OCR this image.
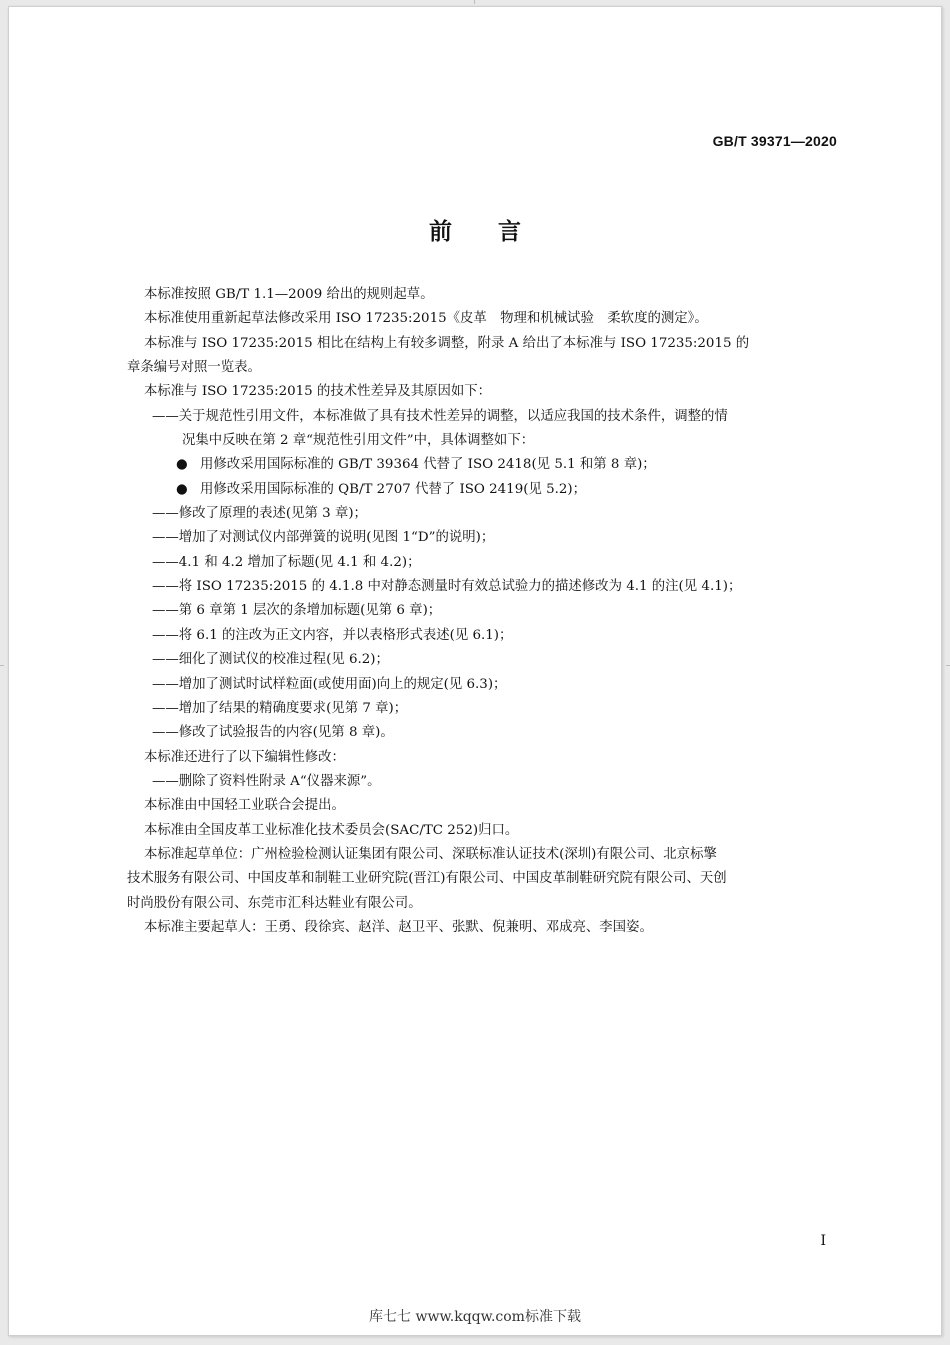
GB/T 39371—2020
前言

本标准按照 GB/T 1.1—2009 给出的规则起草。

本标准使用重新起草法修改采用 ISO 17235:2015《皮革　物理和机械试验　柔软度的测定》。

本标准与 ISO 17235:2015 相比在结构上有较多调整，附录 A 给出了本标准与 ISO 17235:2015 的

章条编号对照一览表。

本标准与 ISO 17235:2015 的技术性差异及其原因如下：

——关于规范性引用文件，本标准做了具有技术性差异的调整，以适应我国的技术条件，调整的情

况集中反映在第 2 章“规范性引用文件”中，具体调整如下：

● 用修改采用国际标准的 GB/T 39364 代替了 ISO 2418(见 5.1 和第 8 章)；
● 用修改采用国际标准的 QB/T 2707 代替了 ISO 2419(见 5.2)；

——修改了原理的表述(见第 3 章)；

——增加了对测试仪内部弹簧的说明(见图 1“D”的说明)；

——4.1 和 4.2 增加了标题(见 4.1 和 4.2)；

——将 ISO 17235:2015 的 4.1.8 中对静态测量时有效总试验力的描述修改为 4.1 的注(见 4.1)；

——第 6 章第 1 层次的条增加标题(见第 6 章)；

——将 6.1 的注改为正文内容，并以表格形式表述(见 6.1)；

——细化了测试仪的校准过程(见 6.2)；

——增加了测试时试样粒面(或使用面)向上的规定(见 6.3)；

——增加了结果的精确度要求(见第 7 章)；

——修改了试验报告的内容(见第 8 章)。

本标准还进行了以下编辑性修改：

——删除了资料性附录 A“仪器来源”。

本标准由中国轻工业联合会提出。

本标准由全国皮革工业标准化技术委员会(SAC/TC 252)归口。

本标准起草单位：广州检验检测认证集团有限公司、深联标准认证技术(深圳)有限公司、北京标擎

技术服务有限公司、中国皮革和制鞋工业研究院(晋江)有限公司、中国皮革制鞋研究院有限公司、天创

时尚股份有限公司、东莞市汇科达鞋业有限公司。

本标准主要起草人：王勇、段徐宾、赵洋、赵卫平、张默、倪兼明、邓成亮、李国姿。

I
库七七 www.kqqw.com标准下载
